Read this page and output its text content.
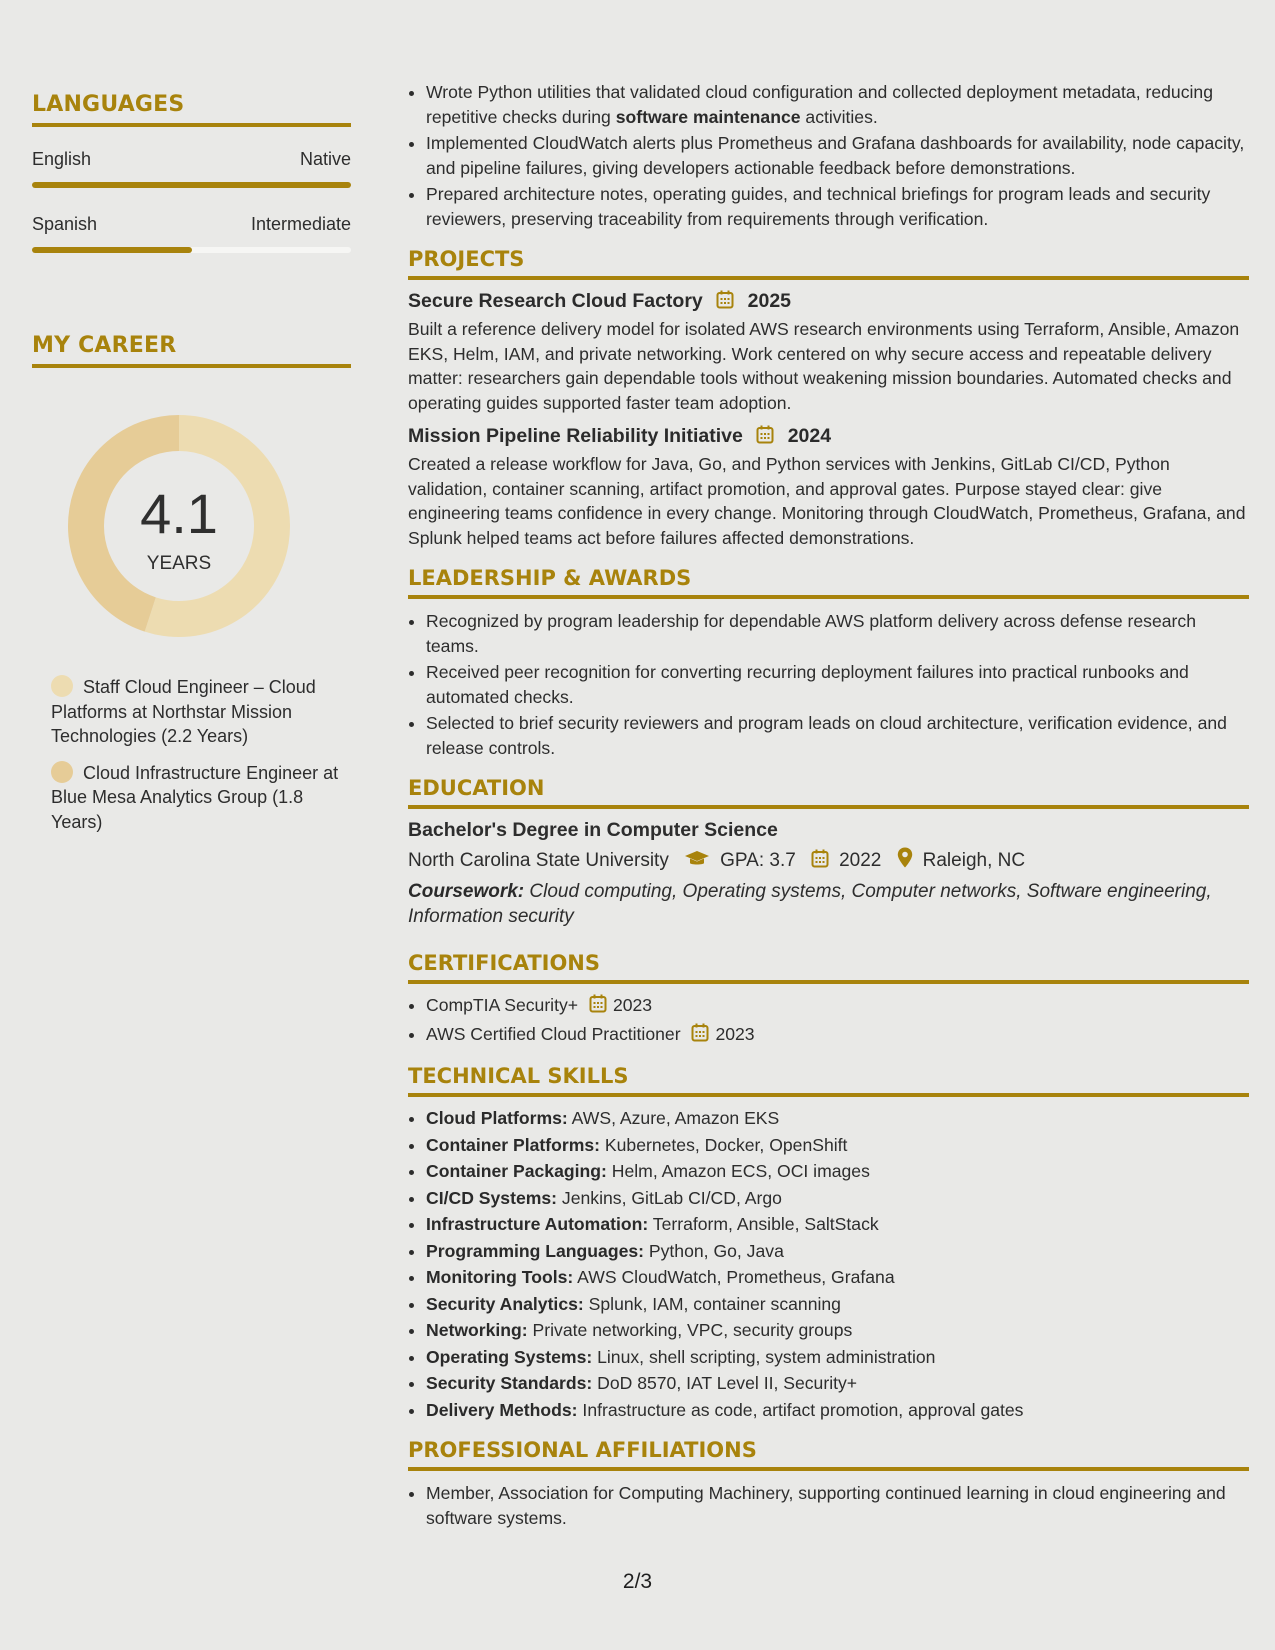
LANGUAGES
English	Native
Spanish	Intermediate
MY CAREER
4.1
YEARS
Staff Cloud Engineer – Cloud Platforms at Northstar Mission Technologies (2.2 Years)
Cloud Infrastructure Engineer at Blue Mesa Analytics Group (1.8 Years)
• Wrote Python utilities that validated cloud configuration and collected deployment metadata, reducing repetitive checks during software maintenance activities.
• Implemented CloudWatch alerts plus Prometheus and Grafana dashboards for availability, node capacity, and pipeline failures, giving developers actionable feedback before demonstrations.
• Prepared architecture notes, operating guides, and technical briefings for program leads and security reviewers, preserving traceability from requirements through verification.
PROJECTS
Secure Research Cloud Factory 2025
Built a reference delivery model for isolated AWS research environments using Terraform, Ansible, Amazon EKS, Helm, IAM, and private networking. Work centered on why secure access and repeatable delivery matter: researchers gain dependable tools without weakening mission boundaries. Automated checks and operating guides supported faster team adoption.
Mission Pipeline Reliability Initiative 2024
Created a release workflow for Java, Go, and Python services with Jenkins, GitLab CI/CD, Python validation, container scanning, artifact promotion, and approval gates. Purpose stayed clear: give engineering teams confidence in every change. Monitoring through CloudWatch, Prometheus, Grafana, and Splunk helped teams act before failures affected demonstrations.
LEADERSHIP & AWARDS
• Recognized by program leadership for dependable AWS platform delivery across defense research teams.
• Received peer recognition for converting recurring deployment failures into practical runbooks and automated checks.
• Selected to brief security reviewers and program leads on cloud architecture, verification evidence, and release controls.
EDUCATION
Bachelor's Degree in Computer Science
North Carolina State University	GPA: 3.7 2022 Raleigh, NC
Coursework: Cloud computing, Operating systems, Computer networks, Software engineering, Information security
CERTIFICATIONS
• CompTIA Security+ 2023
• AWS Certified Cloud Practitioner 2023
TECHNICAL SKILLS
• Cloud Platforms: AWS, Azure, Amazon EKS
• Container Platforms: Kubernetes, Docker, OpenShift
• Container Packaging: Helm, Amazon ECS, OCI images
• CI/CD Systems: Jenkins, GitLab CI/CD, Argo
• Infrastructure Automation: Terraform, Ansible, SaltStack
• Programming Languages: Python, Go, Java
• Monitoring Tools: AWS CloudWatch, Prometheus, Grafana
• Security Analytics: Splunk, IAM, container scanning
• Networking: Private networking, VPC, security groups
• Operating Systems: Linux, shell scripting, system administration
• Security Standards: DoD 8570, IAT Level II, Security+
• Delivery Methods: Infrastructure as code, artifact promotion, approval gates
PROFESSIONAL AFFILIATIONS
• Member, Association for Computing Machinery, supporting continued learning in cloud engineering and software systems.
2/3
